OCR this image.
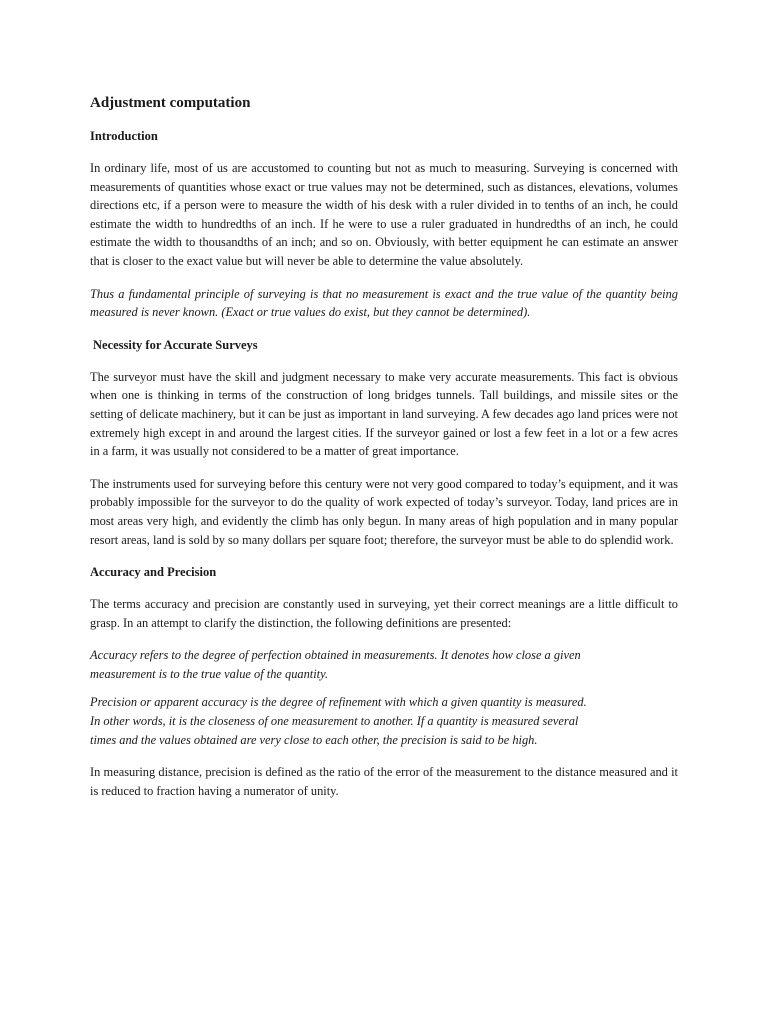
Adjustment computation
Introduction

In ordinary life, most of us are accustomed to counting but not as much to measuring. Surveying is concerned with measurements of quantities whose exact or true values may not be determined, such as distances, elevations, volumes directions etc, if a person were to measure the width of his desk with a ruler divided in to tenths of an inch, he could estimate the width to hundredths of an inch. If he were to use a ruler graduated in hundredths of an inch, he could estimate the width to thousandths of an inch; and so on. Obviously, with better equipment he can estimate an answer that is closer to the exact value but will never be able to determine the value absolutely.

Thus a fundamental principle of surveying is that no measurement is exact and the true value of the quantity being measured is never known. (Exact or true values do exist, but they cannot be determined).

Necessity for Accurate Surveys

The surveyor must have the skill and judgment necessary to make very accurate measurements. This fact is obvious when one is thinking in terms of the construction of long bridges tunnels. Tall buildings, and missile sites or the setting of delicate machinery, but it can be just as important in land surveying. A few decades ago land prices were not extremely high except in and around the largest cities. If the surveyor gained or lost a few feet in a lot or a few acres in a farm, it was usually not considered to be a matter of great importance.

The instruments used for surveying before this century were not very good compared to today’s equipment, and it was probably impossible for the surveyor to do the quality of work expected of today’s surveyor. Today, land prices are in most areas very high, and evidently the climb has only begun. In many areas of high population and in many popular resort areas, land is sold by so many dollars per square foot; therefore, the surveyor must be able to do splendid work.

Accuracy and Precision

The terms accuracy and precision are constantly used in surveying, yet their correct meanings are a little difficult to grasp. In an attempt to clarify the distinction, the following definitions are presented:

Accuracy refers to the degree of perfection obtained in measurements. It denotes how close a given measurement is to the true value of the quantity.

Precision or apparent accuracy is the degree of refinement with which a given quantity is measured. In other words, it is the closeness of one measurement to another. If a quantity is measured several times and the values obtained are very close to each other, the precision is said to be high.

In measuring distance, precision is defined as the ratio of the error of the measurement to the distance measured and it is reduced to fraction having a numerator of unity.
